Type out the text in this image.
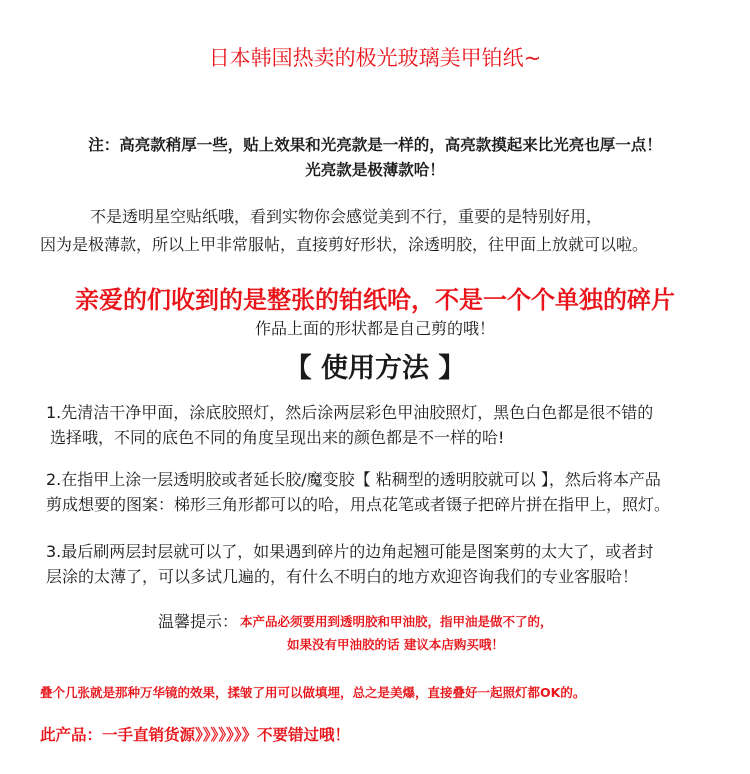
日本韩国热卖的极光玻璃美甲铂纸~
注：高亮款稍厚一些，贴上效果和光亮款是一样的，高亮款摸起来比光亮也厚一点！
光亮款是极薄款哈！
不是透明星空贴纸哦，看到实物你会感觉美到不行，重要的是特别好用，
因为是极薄款，所以上甲非常服帖，直接剪好形状，涂透明胶，往甲面上放就可以啦。
亲爱的们收到的是整张的铂纸哈，不是一个个单独的碎片
作品上面的形状都是自己剪的哦！
【 使用方法 】
1.先清洁干净甲面，涂底胶照灯，然后涂两层彩色甲油胶照灯，黑色白色都是很不错的
选择哦，不同的底色不同的角度呈现出来的颜色都是不一样的哈!
2.在指甲上涂一层透明胶或者延长胶/魔变胶【 粘稠型的透明胶就可以 】，然后将本产品
剪成想要的图案：梯形三角形都可以的哈，用点花笔或者镊子把碎片拼在指甲上，照灯。
3.最后刷两层封层就可以了，如果遇到碎片的边角起翘可能是图案剪的太大了，或者封
层涂的太薄了，可以多试几遍的，有什么不明白的地方欢迎咨询我们的专业客服哈！
温馨提示： 本产品必须要用到透明胶和甲油胶，指甲油是做不了的，
如果没有甲油胶的话 建议本店购买哦！
叠个几张就是那种万华镜的效果，揉皱了用可以做填埋，总之是美爆，直接叠好一起照灯都OK的。
此产品：一手直销货源》》》》》》》不要错过哦！
